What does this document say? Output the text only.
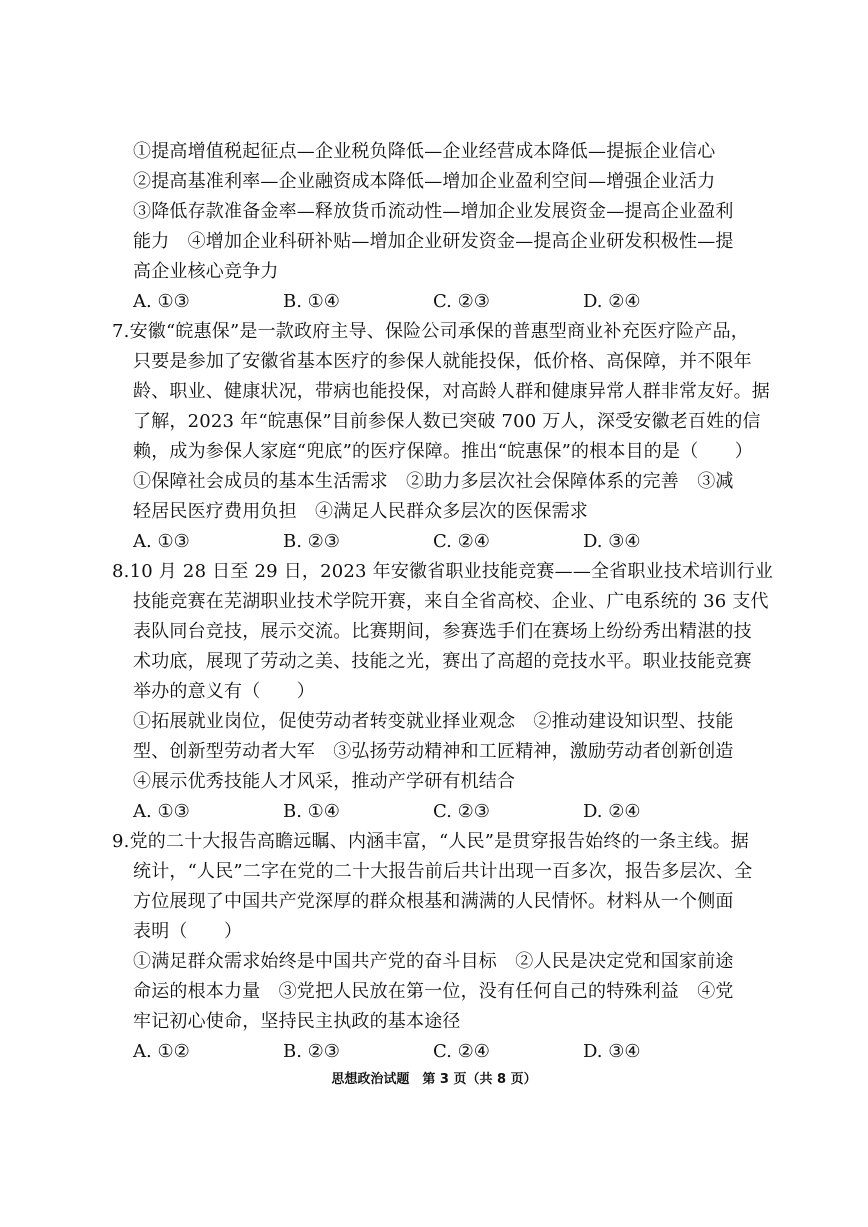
①提高增值税起征点—企业税负降低—企业经营成本降低—提振企业信心
②提高基准利率—企业融资成本降低—增加企业盈利空间—增强企业活力
③降低存款准备金率—释放货币流动性—增加企业发展资金—提高企业盈利
能力　④增加企业科研补贴—增加企业研发资金—提高企业研发积极性—提
高企业核心竞争力
A. ①③	B. ①④	C. ②③	D. ②④
7.安徽“皖惠保”是一款政府主导、保险公司承保的普惠型商业补充医疗险产品，
只要是参加了安徽省基本医疗的参保人就能投保，低价格、高保障，并不限年
龄、职业、健康状况，带病也能投保，对高龄人群和健康异常人群非常友好。据
了解，2023 年“皖惠保”目前参保人数已突破 700 万人，深受安徽老百姓的信
赖，成为参保人家庭“兜底”的医疗保障。推出“皖惠保”的根本目的是（　　）
①保障社会成员的基本生活需求　②助力多层次社会保障体系的完善　③减
轻居民医疗费用负担　④满足人民群众多层次的医保需求
A. ①③	B. ②③	C. ②④	D. ③④
8.10 月 28 日至 29 日，2023 年安徽省职业技能竞赛——全省职业技术培训行业
技能竞赛在芜湖职业技术学院开赛，来自全省高校、企业、广电系统的 36 支代
表队同台竞技，展示交流。比赛期间，参赛选手们在赛场上纷纷秀出精湛的技
术功底，展现了劳动之美、技能之光，赛出了高超的竞技水平。职业技能竞赛
举办的意义有（　　）
①拓展就业岗位，促使劳动者转变就业择业观念　②推动建设知识型、技能
型、创新型劳动者大军　③弘扬劳动精神和工匠精神，激励劳动者创新创造
④展示优秀技能人才风采，推动产学研有机结合
A. ①③	B. ①④	C. ②③	D. ②④
9.党的二十大报告高瞻远瞩、内涵丰富，“人民”是贯穿报告始终的一条主线。据
统计，“人民”二字在党的二十大报告前后共计出现一百多次，报告多层次、全
方位展现了中国共产党深厚的群众根基和满满的人民情怀。材料从一个侧面
表明（　　）
①满足群众需求始终是中国共产党的奋斗目标　②人民是决定党和国家前途
命运的根本力量　③党把人民放在第一位，没有任何自己的特殊利益　④党
牢记初心使命，坚持民主执政的基本途径
A. ①②	B. ②③	C. ②④	D. ③④
思想政治试题　第 3 页（共 8 页）
